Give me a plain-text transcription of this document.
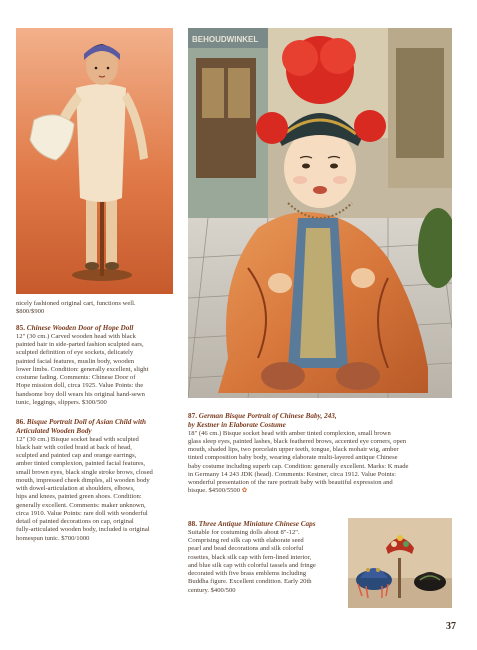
BEHOUDWINKEL
nicely fashioned original cart, functions well.
$800/$900
85. Chinese Wooden Door of Hope Doll
12" (30 cm.) Carved wooden head with black
painted hair in side-parted fashion sculpted ears,
sculpted definition of eye sockets, delicately
painted facial features, muslin body, wooden
lower limbs. Condition: generally excellent, slight
costume fading. Comments: Chinese Door of
Hope mission doll, circa 1925. Value Points: the
handsome boy doll wears his original hand-sewn
tunic, leggings, slippers. $300/500
86. Bisque Portrait Doll of Asian Child with
Articulated Wooden Body
12" (30 cm.) Bisque socket head with sculpted
black hair with coiled braid at back of head,
sculpted and painted cap and orange earrings,
amber tinted complexion, painted facial features,
small brown eyes, black single stroke brows, closed
mouth, impressed cheek dimples, all wooden body
with dowel-articulation at shoulders, elbows,
hips and knees, painted green shoes. Condition:
generally excellent. Comments: maker unknown,
circa 1910. Value Points: rare doll with wonderful
detail of painted decorations on cap, original
fully-articulated wooden body, included is original
homespun tunic. $700/1000
87. German Bisque Portrait of Chinese Baby, 243,
by Kestner in Elaborate Costume
18" (46 cm.) Bisque socket head with amber tinted complexion, small brown
glass sleep eyes, painted lashes, black feathered brows, accented eye corners, open
mouth, shaded lips, two porcelain upper teeth, tongue, black mohair wig, amber
tinted composition baby body, wearing elaborate multi-layered antique Chinese
baby costume including superb cap. Condition: generally excellent. Marks: K made
in Germany 14 243 JDK (head). Comments: Kestner, circa 1912. Value Points:
wonderful presentation of the rare portrait baby with beautiful expression and
bisque. $4500/5500 ✿
88. Three Antique Miniature Chinese Caps
Suitable for costuming dolls about 8"-12".
Comprising red silk cap with elaborate seed
pearl and bead decorations and silk colorful
rosettes, black silk cap with fern-lined interior,
and blue silk cap with colorful tassels and fringe
decorated with five brass emblems including
Buddha figure. Excellent condition. Early 20th
century. $400/500
37
